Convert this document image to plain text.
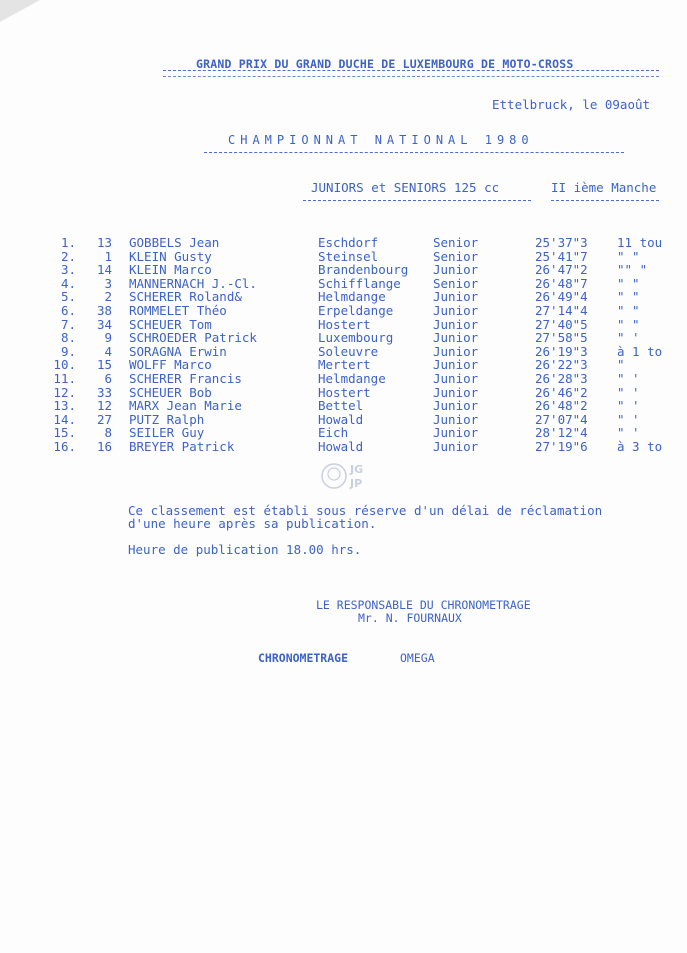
GRAND PRIX DU GRAND DUCHE DE LUXEMBOURG DE MOTO-CROSS
Ettelbruck, le 09août
CHAMPIONNAT NATIONAL 1980
JUNIORS et SENIORS 125 cc	II ième Manche
1.	13 GOBBELS Jean	Eschdorf	Senior	25'37"3 11 tou
2.	1 KLEIN Gusty	Steinsel	Senior	25'41"7 " "
3.	14 KLEIN Marco	Brandenbourg Junior	26'47"2 "" "
4.	3 MANNERNACH J.-Cl.	Schifflange	Senior	26'48"7 " "
5.	2 SCHERER Roland&	Helmdange	Junior	26'49"4 " "
6.	38 ROMMELET Théo	Erpeldange	Junior	27'14"4 " "
7.	34 SCHEUER Tom	Hostert	Junior	27'40"5 " "
8.	9 SCHROEDER Patrick	Luxembourg	Junior	27'58"5 " '
9.	4 SORAGNA Erwin	Soleuvre	Junior	26'19"3 à 1 to
10.	15 WOLFF Marco	Mertert	Junior	26'22"3 "
11.	6 SCHERER Francis	Helmdange	Junior	26'28"3 " '
12.	33 SCHEUER Bob	Hostert	Junior	26'46"2 " '
13.	12 MARX Jean Marie	Bettel	Junior	26'48"2 " '
14.	27 PUTZ Ralph	Howald	Junior	27'07"4 " '
15.	8 SEILER Guy	Eich	Junior	28'12"4 " '
16.	16 BREYER Patrick	Howald	Junior	27'19"6 à 3 to
JG
JP
Ce classement est établi sous réserve d'un délai de réclamation
d'une heure après sa publication.
Heure de publication 18.00 hrs.
LE RESPONSABLE DU CHRONOMETRAGE
Mr. N. FOURNAUX
CHRONOMETRAGE	OMEGA
